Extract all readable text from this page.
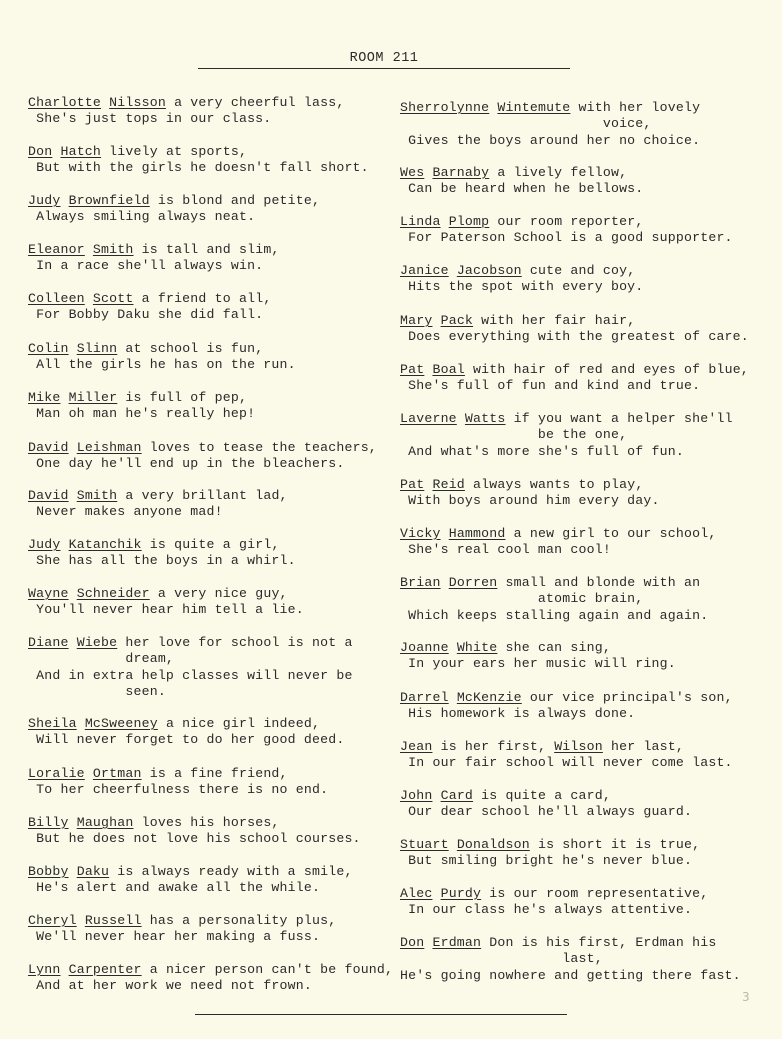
ROOM 211
Charlotte Nilsson a very cheerful lass,
She's just tops in our class.
Don Hatch lively at sports,
But with the girls he doesn't fall short.
Judy Brownfield is blond and petite,
Always smiling always neat.
Eleanor Smith is tall and slim,
In a race she'll always win.
Colleen Scott a friend to all,
For Bobby Daku she did fall.
Colin Slinn at school is fun,
All the girls he has on the run.
Mike Miller is full of pep,
Man oh man he's really hep!
David Leishman loves to tease the teachers,
One day he'll end up in the bleachers.
David Smith a very brillant lad,
Never makes anyone mad!
Judy Katanchik is quite a girl,
She has all the boys in a whirl.
Wayne Schneider a very nice guy,
You'll never hear him tell a lie.
Diane Wiebe her love for school is not a
dream,
And in extra help classes will never be
seen.
Sheila McSweeney a nice girl indeed,
Will never forget to do her good deed.
Loralie Ortman is a fine friend,
To her cheerfulness there is no end.
Billy Maughan loves his horses,
But he does not love his school courses.
Bobby Daku is always ready with a smile,
He's alert and awake all the while.
Cheryl Russell has a personality plus,
We'll never hear her making a fuss.
Lynn Carpenter a nicer person can't be found,
And at her work we need not frown.
Sherrolynne Wintemute with her lovely
voice,
Gives the boys around her no choice.
Wes Barnaby a lively fellow,
Can be heard when he bellows.
Linda Plomp our room reporter,
For Paterson School is a good supporter.
Janice Jacobson cute and coy,
Hits the spot with every boy.
Mary Pack with her fair hair,
Does everything with the greatest of care.
Pat Boal with hair of red and eyes of blue,
She's full of fun and kind and true.
Laverne Watts if you want a helper she'll
be the one,
And what's more she's full of fun.
Pat Reid always wants to play,
With boys around him every day.
Vicky Hammond a new girl to our school,
She's real cool man cool!
Brian Dorren small and blonde with an
atomic brain,
Which keeps stalling again and again.
Joanne White she can sing,
In your ears her music will ring.
Darrel McKenzie our vice principal's son,
His homework is always done.
Jean is her first, Wilson her last,
In our fair school will never come last.
John Card is quite a card,
Our dear school he'll always guard.
Stuart Donaldson is short it is true,
But smiling bright he's never blue.
Alec Purdy is our room representative,
In our class he's always attentive.
Don Erdman Don is his first, Erdman his
last,
He's going nowhere and getting there fast.
3
